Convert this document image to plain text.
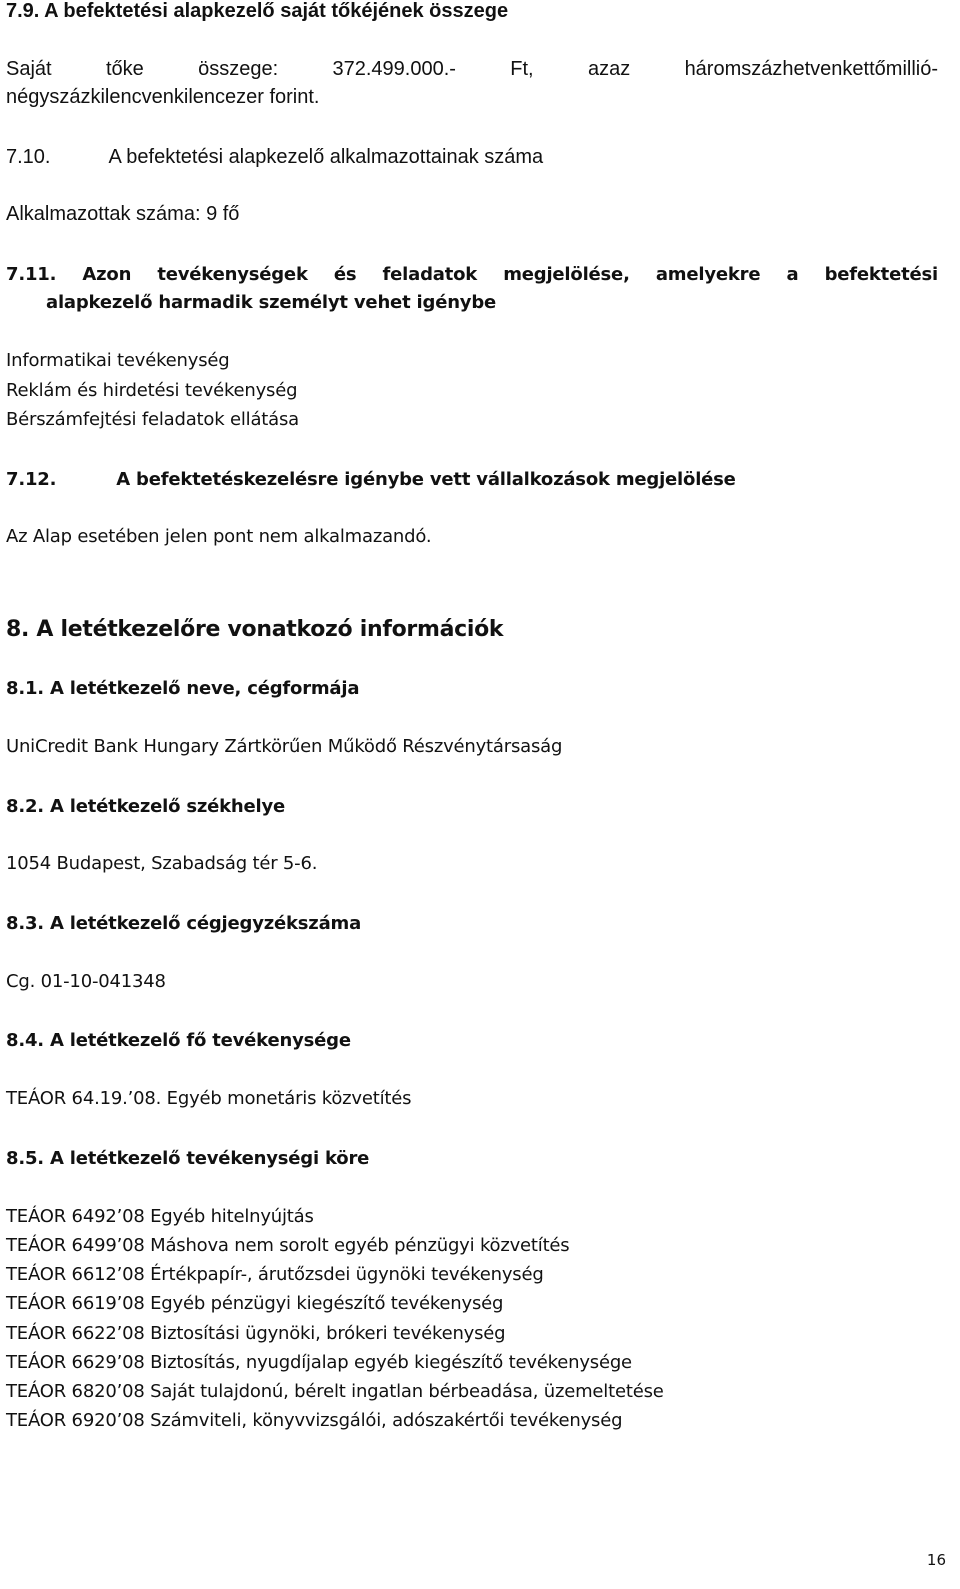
7.9. A befektetési alapkezelő saját tőkéjének összege
Saját	tőke	összege:	372.499.000.-	Ft,	azaz	háromszázhetvenkettőmillió-
négyszázkilencvenkilencezer forint.
7.10.	A befektetési alapkezelő alkalmazottainak száma
Alkalmazottak száma: 9 fő
7.11. Azon tevékenységek és feladatok megjelölése, amelyekre a befektetési
alapkezelő harmadik személyt vehet igénybe
Informatikai tevékenység
Reklám és hirdetési tevékenység
Bérszámfejtési feladatok ellátása
7.12.	A befektetéskezelésre igénybe vett vállalkozások megjelölése
Az Alap esetében jelen pont nem alkalmazandó.
8. A letétkezelőre vonatkozó információk
8.1. A letétkezelő neve, cégformája
UniCredit Bank Hungary Zártkörűen Működő Részvénytársaság
8.2. A letétkezelő székhelye
1054 Budapest, Szabadság tér 5-6.
8.3. A letétkezelő cégjegyzékszáma
Cg. 01-10-041348
8.4. A letétkezelő fő tevékenysége
TEÁOR 64.19.’08. Egyéb monetáris közvetítés
8.5. A letétkezelő tevékenységi köre
TEÁOR 6492’08 Egyéb hitelnyújtás
TEÁOR 6499’08 Máshova nem sorolt egyéb pénzügyi közvetítés
TEÁOR 6612’08 Értékpapír-, árutőzsdei ügynöki tevékenység
TEÁOR 6619’08 Egyéb pénzügyi kiegészítő tevékenység
TEÁOR 6622’08 Biztosítási ügynöki, brókeri tevékenység
TEÁOR 6629’08 Biztosítás, nyugdíjalap egyéb kiegészítő tevékenysége
TEÁOR 6820’08 Saját tulajdonú, bérelt ingatlan bérbeadása, üzemeltetése
TEÁOR 6920’08 Számviteli, könyvvizsgálói, adószakértői tevékenység
16
